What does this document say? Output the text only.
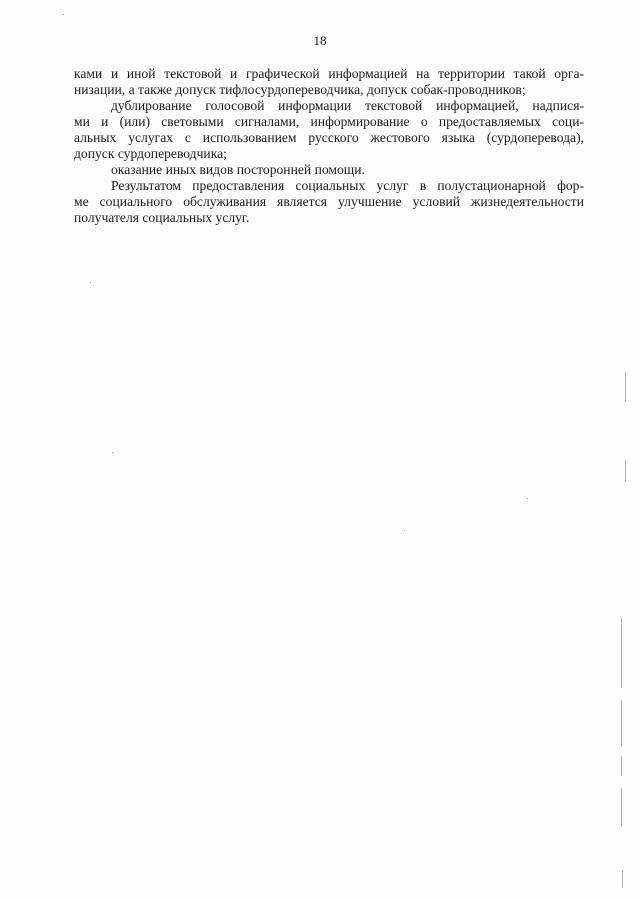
18
ками и иной текстовой и графической информацией на территории такой орга-
низации, а также допуск тифлосурдопереводчика, допуск собак-проводников;
дублирование голосовой информации текстовой информацией, надпися-
ми и (или) световыми сигналами, информирование о предоставляемых соци-
альных услугах с использованием русского жестового языка (сурдоперевода),
допуск сурдопереводчика;
оказание иных видов посторонней помощи.
Результатом предоставления социальных услуг в полустационарной фор-
ме социального обслуживания является улучшение условий жизнедеятельности
получателя социальных услуг.
